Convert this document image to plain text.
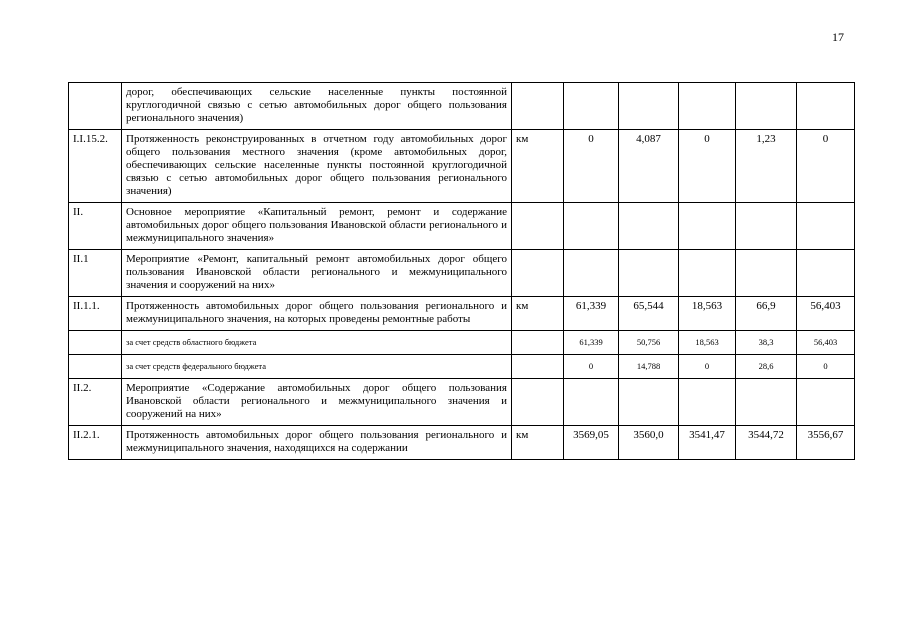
17
	дорог, обеспечивающих сельские населенные пункты постоянной круглогодичной связью с сетью автомобильных дорог общего пользования регионального значения)						
I.I.15.2.	Протяженность реконструированных в отчетном году автомобильных дорог общего пользования местного значения (кроме автомобильных дорог, обеспечивающих сельские населенные пункты постоянной круглогодичной связью с сетью автомобильных дорог общего пользования регионального значения)	км	0	4,087	0	1,23	0
II.	Основное мероприятие «Капитальный ремонт, ремонт и содержание автомобильных дорог общего пользования Ивановской области регионального и межмуниципального значения»						
II.1	Мероприятие «Ремонт, капитальный ремонт автомобильных дорог общего пользования Ивановской области регионального и межмуниципального значения и сооружений на них»						
II.1.1.	Протяженность автомобильных дорог общего пользования регионального и межмуниципального значения, на которых проведены ремонтные работы	км	61,339	65,544	18,563	66,9	56,403
	за счет средств областного бюджета		61,339	50,756	18,563	38,3	56,403
	за счет средств федерального бюджета		0	14,788	0	28,6	0
II.2.	Мероприятие «Содержание автомобильных дорог общего пользования Ивановской области регионального и межмуниципального значения и сооружений на них»						
II.2.1.	Протяженность автомобильных дорог общего пользования регионального и межмуниципального значения, находящихся на содержании	км	3569,05	3560,0	3541,47	3544,72	3556,67
